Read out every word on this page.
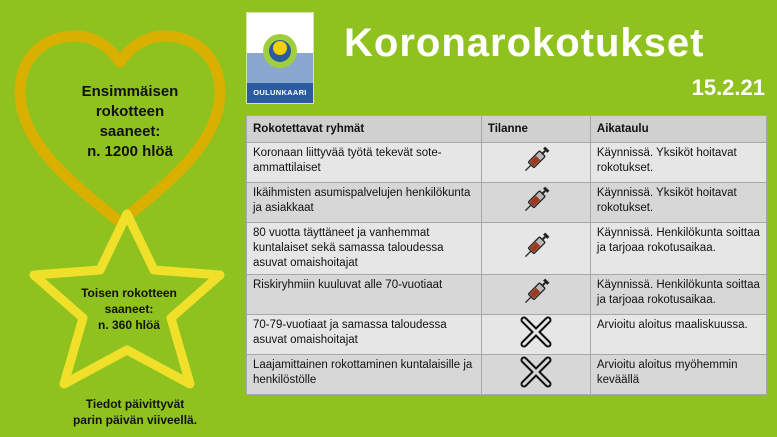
Ensimmäisen
rokotteen
saaneet:
n. 1200 hlöä
Toisen rokotteen
saaneet:
n. 360 hlöä
Tiedot päivittyvät
parin päivän viiveellä.
OULUNKAARI
Koronarokotukset
15.2.21
Rokotettavat ryhmät	Tilanne	Aikataulu
Koronaan liittyvää työtä tekevät sote-ammattilaiset		Käynnissä. Yksiköt hoitavat rokotukset.
Ikäihmisten asumispalvelujen henkilökunta ja asiakkaat		Käynnissä. Yksiköt hoitavat rokotukset.
80 vuotta täyttäneet ja vanhemmat kuntalaiset sekä samassa taloudessa asuvat omaishoitajat		Käynnissä. Henkilökunta soittaa ja tarjoaa rokotusaikaa.
Riskiryhmiin kuuluvat alle 70-vuotiaat		Käynnissä. Henkilökunta soittaa ja tarjoaa rokotusaikaa.
70-79-vuotiaat ja samassa taloudessa asuvat omaishoitajat		Arvioitu aloitus maaliskuussa.
Laajamittainen rokottaminen kuntalaisille ja henkilöstölle		Arvioitu aloitus myöhemmin keväällä
